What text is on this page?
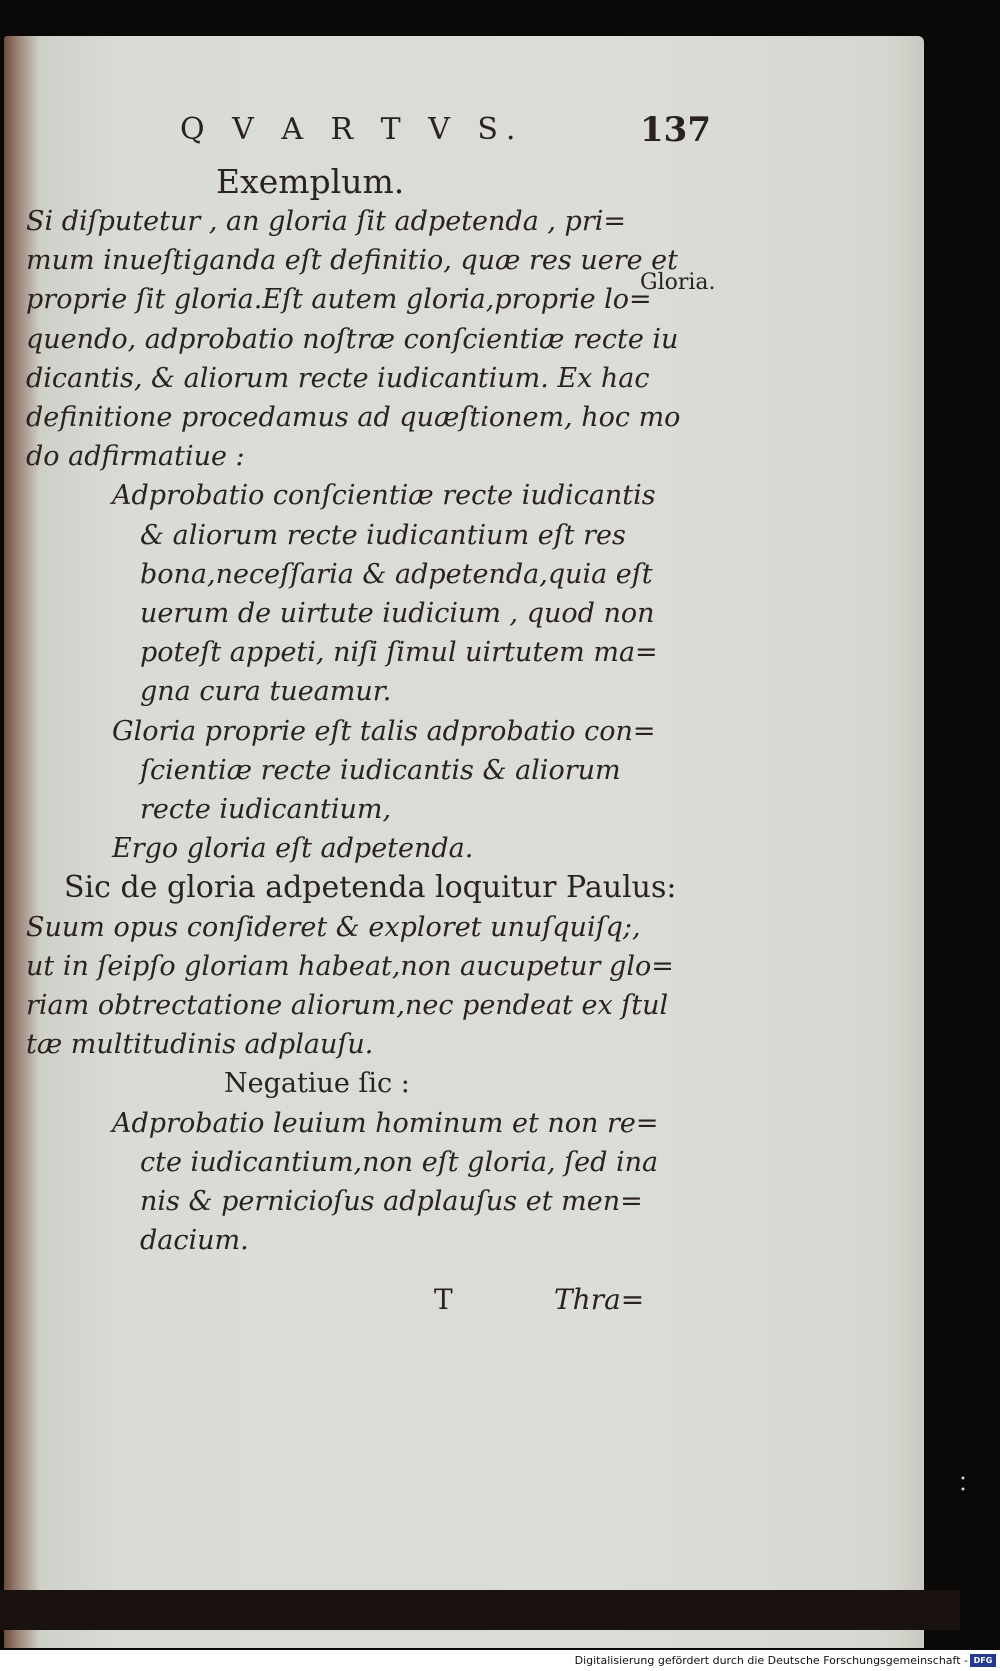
• •
Q V A R T V S.	137
Exemplum.
Gloria.
Si diſputetur , an gloria ſit adpetenda , pri=
mum inueſtiganda eſt definitio, quæ res uere et
proprie ſit gloria.Eſt autem gloria,proprie lo=
quendo, adprobatio noſtræ conſcientiæ recte iu
dicantis, & aliorum recte iudicantium. Ex hac
definitione procedamus ad quæſtionem, hoc mo
do adfirmatiue :
Adprobatio conſcientiæ recte iudicantis
& aliorum recte iudicantium eſt res
bona,neceſſaria & adpetenda,quia eſt
uerum de uirtute iudicium , quod non
poteſt appeti, niſi ſimul uirtutem ma=
gna cura tueamur.
Gloria proprie eſt talis adprobatio con=
ſcientiæ recte iudicantis & aliorum
recte iudicantium,
Ergo gloria eſt adpetenda.
Sic de gloria adpetenda loquitur Paulus:
Suum opus conſideret & exploret unuſquiſq;,
ut in ſeipſo gloriam habeat,non aucupetur glo=
riam obtrectatione aliorum,nec pendeat ex ſtul
tæ multitudinis adplauſu.
Negatiue ſic :
Adprobatio leuium hominum et non re=
cte iudicantium,non eſt gloria, ſed ina
nis & pernicioſus adplauſus et men=
dacium.
T	Thra=
Digitalisierung gefördert durch die Deutsche Forschungsgemeinschaft - DFG
